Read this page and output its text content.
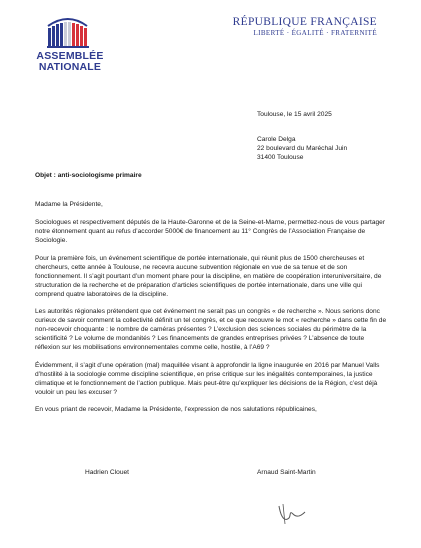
ASSEMBLÉE
NATIONALE
RÉPUBLIQUE FRANÇAISE
LIBERTÉ · ÉGALITÉ · FRATERNITÉ
Toulouse, le 15 avril 2025
Carole Delga
22 boulevard du Maréchal Juin
31400 Toulouse
Objet : anti-sociologisme primaire

Madame la Présidente,

Sociologues et respectivement députés de la Haute-Garonne et de la Seine-et-Marne, permettez-nous de vous partager notre étonnement quant au refus d’accorder 5000€ de financement au 11° Congrès de l’Association Française de Sociologie.

Pour la première fois, un événement scientifique de portée internationale, qui réunit plus de 1500 chercheuses et chercheurs, cette année à Toulouse, ne recevra aucune subvention régionale en vue de sa tenue et de son fonctionnement. Il s’agit pourtant d’un moment phare pour la discipline, en matière de coopération interuniversitaire, de structuration de la recherche et de préparation d’articles scientifiques de portée internationale, dans une ville qui comprend quatre laboratoires de la discipline.

Les autorités régionales prétendent que cet événement ne serait pas un congrès « de recherche ». Nous serions donc curieux de savoir comment la collectivité définit un tel congrès, et ce que recouvre le mot « recherche » dans cette fin de non-recevoir choquante : le nombre de caméras présentes ? L’exclusion des sciences sociales du périmètre de la scientificité ? Le volume de mondanités ? Les financements de grandes entreprises privées ? L’absence de toute réflexion sur les mobilisations environnementales comme celle, hostile, à l’A69 ?

Évidemment, il s’agit d’une opération (mal) maquillée visant à approfondir la ligne inaugurée en 2016 par Manuel Valls d’hostilité à la sociologie comme discipline scientifique, en prise critique sur les inégalités contemporaines, la justice climatique et le fonctionnement de l’action publique. Mais peut-être qu’expliquer les décisions de la Région, c’est déjà vouloir un peu les excuser ?

En vous priant de recevoir, Madame la Présidente, l’expression de nos salutations républicaines,

Hadrien Clouet	Arnaud Saint-Martin
